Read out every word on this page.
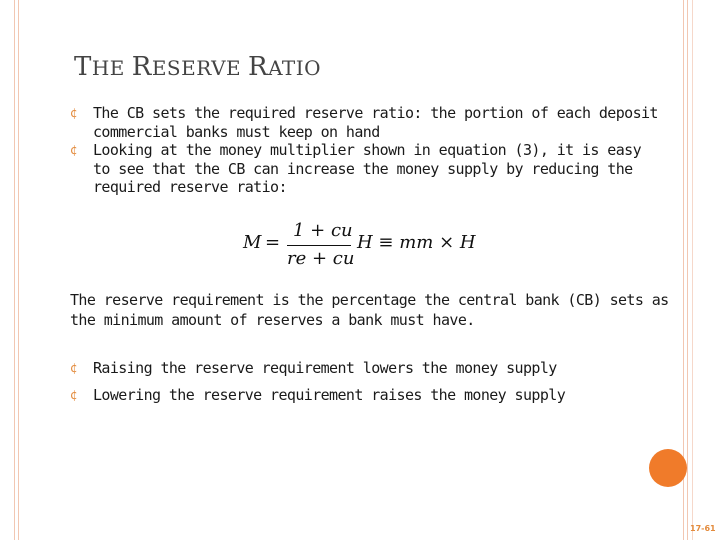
THE RESERVE RATIO
¢ The CB sets the required reserve ratio: the portion of each deposit commercial banks must keep on hand
¢ Looking at the money multiplier shown in equation (3), it is easy to see that the CB can increase the money supply by reducing the required reserve ratio:
M =
1 + cu
re + cu
H ≡ mm × H
The reserve requirement is the percentage the central bank (CB) sets as the minimum amount of reserves a bank must have.
¢ Raising the reserve requirement lowers the money supply
¢ Lowering the reserve requirement raises the money supply
17-61
